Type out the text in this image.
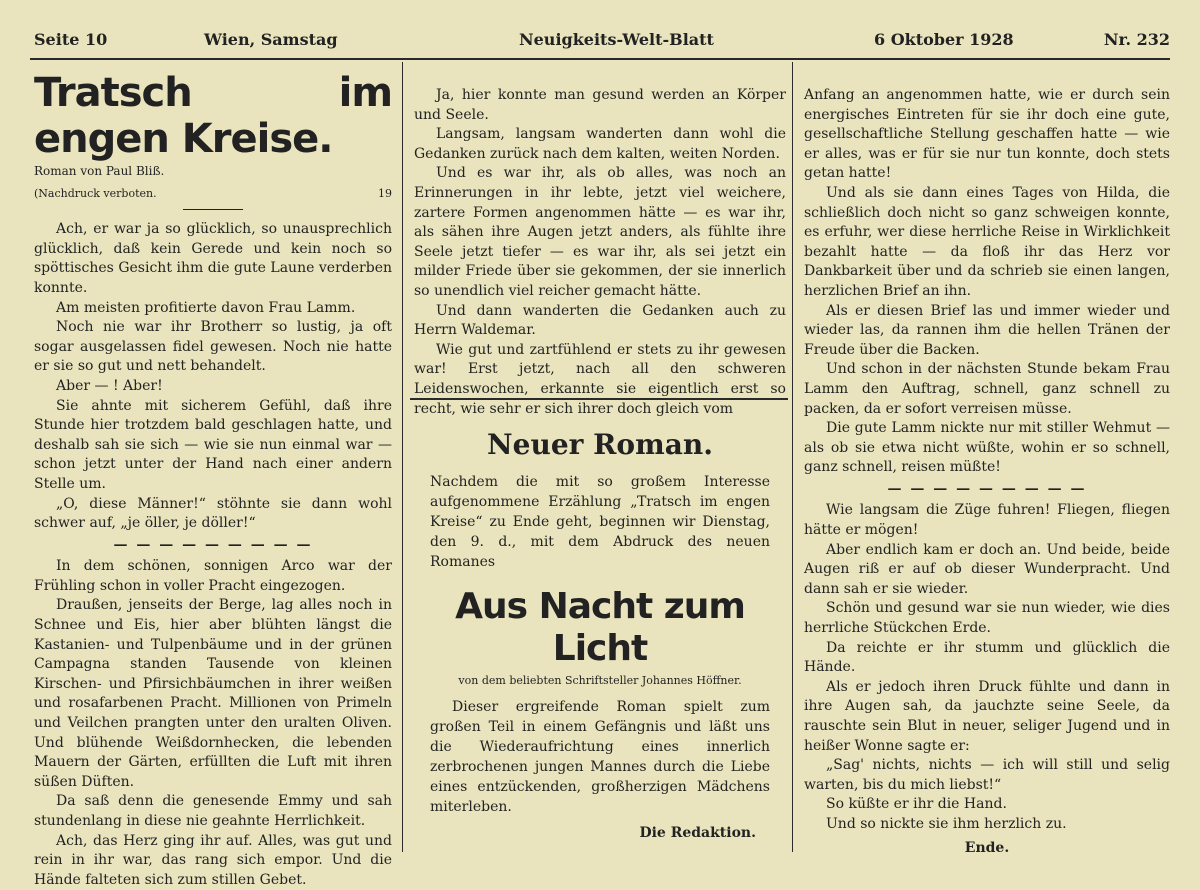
Seite 10	Wien, Samstag	Neuigkeits-Welt-Blatt	6 Oktober 1928	Nr. 232

Tratsch im engen Kreise.

Roman von Paul Bliß.

(Nachdruck verboten.	19

Ach, er war ja so glücklich, so unausprechlich glücklich, daß kein Gerede und kein noch so spöttisches Gesicht ihm die gute Laune verderben konnte.

Am meisten profitierte davon Frau Lamm.

Noch nie war ihr Brotherr so lustig, ja oft sogar ausgelassen fidel gewesen. Noch nie hatte er sie so gut und nett behandelt.

Aber — ! Aber!

Sie ahnte mit sicherem Gefühl, daß ihre Stunde hier trotzdem bald geschlagen hatte, und deshalb sah sie sich — wie sie nun einmal war — schon jetzt unter der Hand nach einer andern Stelle um.

„O, diese Männer!“ stöhnte sie dann wohl schwer auf, „je öller, je döller!“

— — — — — — — — —

In dem schönen, sonnigen Arco war der Frühling schon in voller Pracht eingezogen.

Draußen, jenseits der Berge, lag alles noch in Schnee und Eis, hier aber blühten längst die Kastanien- und Tulpenbäume und in der grünen Campagna standen Tausende von kleinen Kirschen- und Pfirsichbäumchen in ihrer weißen und rosafarbenen Pracht. Millionen von Primeln und Veilchen prangten unter den uralten Oliven. Und blühende Weißdornhecken, die lebenden Mauern der Gärten, erfüllten die Luft mit ihren süßen Düften.

Da saß denn die genesende Emmy und sah stundenlang in diese nie geahnte Herrlichkeit.

Ach, das Herz ging ihr auf. Alles, was gut und rein in ihr war, das rang sich empor. Und die Hände falteten sich zum stillen Gebet.

Ja, hier konnte man gesund werden an Körper und Seele.

Langsam, langsam wanderten dann wohl die Gedanken zurück nach dem kalten, weiten Norden.

Und es war ihr, als ob alles, was noch an Erinnerungen in ihr lebte, jetzt viel weichere, zartere Formen angenommen hätte — es war ihr, als sähen ihre Augen jetzt anders, als fühlte ihre Seele jetzt tiefer — es war ihr, als sei jetzt ein milder Friede über sie gekommen, der sie innerlich so unendlich viel reicher gemacht hätte.

Und dann wanderten die Gedanken auch zu Herrn Waldemar.

Wie gut und zartfühlend er stets zu ihr gewesen war! Erst jetzt, nach all den schweren Leidenswochen, erkannte sie eigentlich erst so recht, wie sehr er sich ihrer doch gleich vom

Neuer Roman.
Nachdem die mit so großem Interesse aufgenommene Erzählung „Tratsch im engen Kreise“ zu Ende geht, beginnen wir Dienstag, den 9. d., mit dem Abdruck des neuen Romanes
Aus Nacht zum Licht
von dem beliebten Schriftsteller Johannes Höffner.
Dieser ergreifende Roman spielt zum großen Teil in einem Gefängnis und läßt uns die Wiederaufrichtung eines innerlich zerbrochenen jungen Mannes durch die Liebe eines entzückenden, großherzigen Mädchens miterleben.
Die Redaktion.

Anfang an angenommen hatte, wie er durch sein energisches Eintreten für sie ihr doch eine gute, gesellschaftliche Stellung geschaffen hatte — wie er alles, was er für sie nur tun konnte, doch stets getan hatte!

Und als sie dann eines Tages von Hilda, die schließlich doch nicht so ganz schweigen konnte, es erfuhr, wer diese herrliche Reise in Wirklichkeit bezahlt hatte — da floß ihr das Herz vor Dankbarkeit über und da schrieb sie einen langen, herzlichen Brief an ihn.

Als er diesen Brief las und immer wieder und wieder las, da rannen ihm die hellen Tränen der Freude über die Backen.

Und schon in der nächsten Stunde bekam Frau Lamm den Auftrag, schnell, ganz schnell zu packen, da er sofort verreisen müsse.

Die gute Lamm nickte nur mit stiller Wehmut — als ob sie etwa nicht wüßte, wohin er so schnell, ganz schnell, reisen müßte!

— — — — — — — — —

Wie langsam die Züge fuhren! Fliegen, fliegen hätte er mögen!

Aber endlich kam er doch an. Und beide, beide Augen riß er auf ob dieser Wunderpracht. Und dann sah er sie wieder.

Schön und gesund war sie nun wieder, wie dies herrliche Stückchen Erde.

Da reichte er ihr stumm und glücklich die Hände.

Als er jedoch ihren Druck fühlte und dann in ihre Augen sah, da jauchzte seine Seele, da rauschte sein Blut in neuer, seliger Jugend und in heißer Wonne sagte er:

„Sag' nichts, nichts — ich will still und selig warten, bis du mich liebst!“

So küßte er ihr die Hand.

Und so nickte sie ihm herzlich zu.

Ende.
